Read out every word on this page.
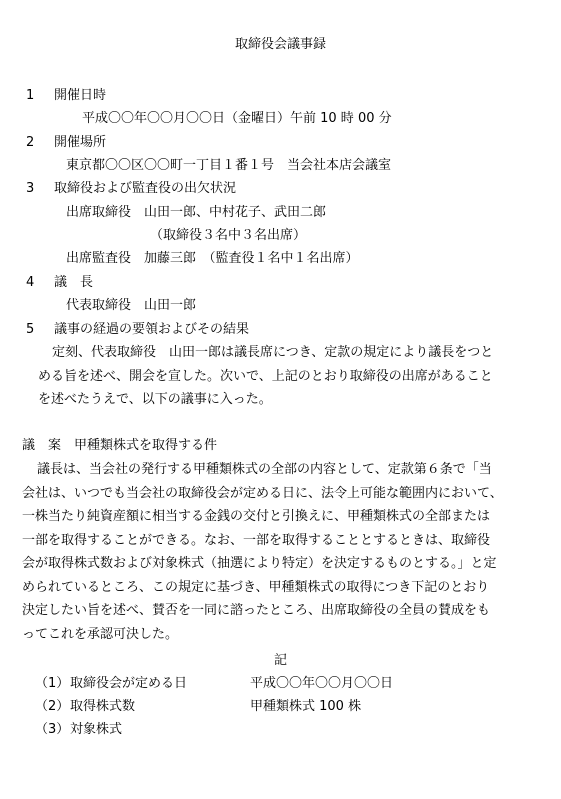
取締役会議事録
1	開催日時
平成〇〇年〇〇月〇〇日（金曜日）午前 10 時 00 分
2	開催場所
東京都〇〇区〇〇町一丁目１番１号　当会社本店会議室
3	取締役および監査役の出欠状況
出席取締役　山田一郎、中村花子、武田二郎
（取締役３名中３名出席）
出席監査役　加藤三郎　（監査役１名中１名出席）
4	議　長
代表取締役　山田一郎
5	議事の経過の要領およびその結果
定刻、代表取締役　山田一郎は議長席につき、定款の規定により議長をつと
める旨を述べ、開会を宣した。次いで、上記のとおり取締役の出席があること
を述べたうえで、以下の議事に入った。
議　案　甲種類株式を取得する件
議長は、当会社の発行する甲種類株式の全部の内容として、定款第６条で「当
会社は、いつでも当会社の取締役会が定める日に、法令上可能な範囲内において、
一株当たり純資産額に相当する金銭の交付と引換えに、甲種類株式の全部または
一部を取得することができる。なお、一部を取得することとするときは、取締役
会が取得株式数および対象株式（抽選により特定）を決定するものとする。」と定
められているところ、この規定に基づき、甲種類株式の取得につき下記のとおり
決定したい旨を述べ、賛否を一同に諮ったところ、出席取締役の全員の賛成をも
ってこれを承認可決した。
記
（1） 取締役会が定める日	平成〇〇年〇〇月〇〇日
（2） 取得株式数	甲種類株式 100 株
（3） 対象株式
